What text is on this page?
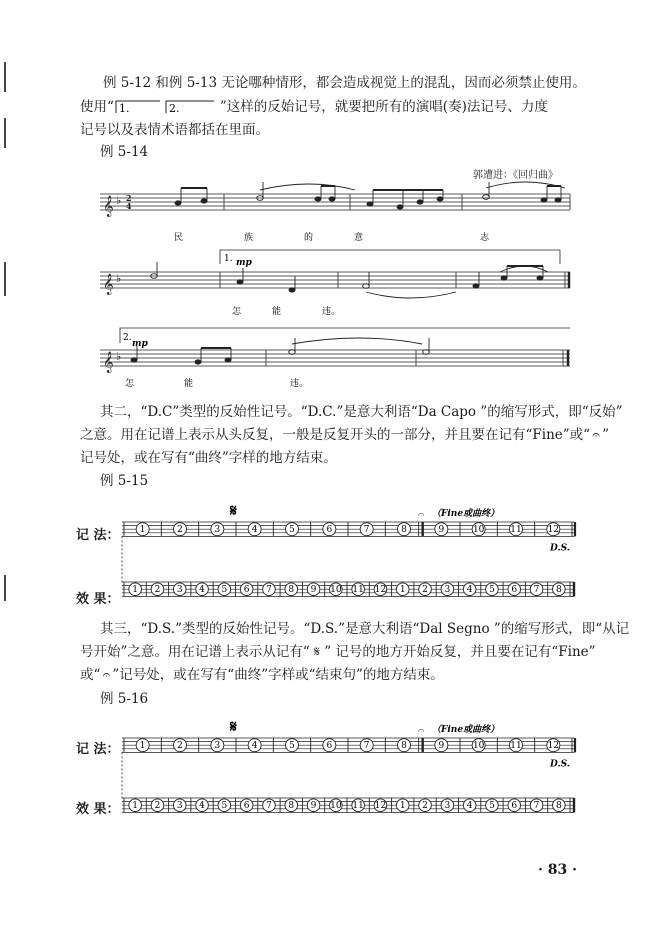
例 5-12 和例 5-13 无论哪种情形，都会造成视觉上的混乱，因而必须禁止使用。
使用“ 1.	2.	”这样的反始记号，就要把所有的演唱(奏)法记号、力度
记号以及表情术语都括在里面。
例 5-14
郭遭进：《回归曲》
𝄞
𝄞
𝄞
♭
♭
♭
2
4
1. mp
2.
mp
民	族	的	意	志
怎	能	违。
怎	能	违。
其二，“D.C”类型的反始性记号。“D.C.”是意大利语“Da Capo ”的缩写形式，即“反始”
之意。用在记谱上表示从头反复，一般是反复开头的一部分，并且要在记有“Fine”或“ 𝄐 ”
记号处，或在写有“曲终”字样的地方结束。
例 5-15
记 法：
效 果：
𝄋	𝄐 （Fine或曲终）
1	2	3	4	5	6	7	8	9	10	11	12
D.S.
1 2 3 4 5 6 7 8 9 10 11 12 1 2 3 4 5 6 7 8
其三，“D.S.”类型的反始性记号。“D.S.”是意大利语“Dal Segno ”的缩写形式，即“从记
号开始”之意。用在记谱上表示从记有“ 𝄋 ” 记号的地方开始反复，并且要在记有“Fine”
或“ 𝄐 ”记号处，或在写有“曲终”字样或“结束句”的地方结束。
例 5-16
记 法：
效 果：
𝄋	𝄐 （Fine或曲终）
1	2	3	4	5	6	7	8	9	10	11	12
D.S.
1 2 3 4 5 6 7 8 9 10 11 12 1 2 3 4 5 6 7 8
· 83 ·
